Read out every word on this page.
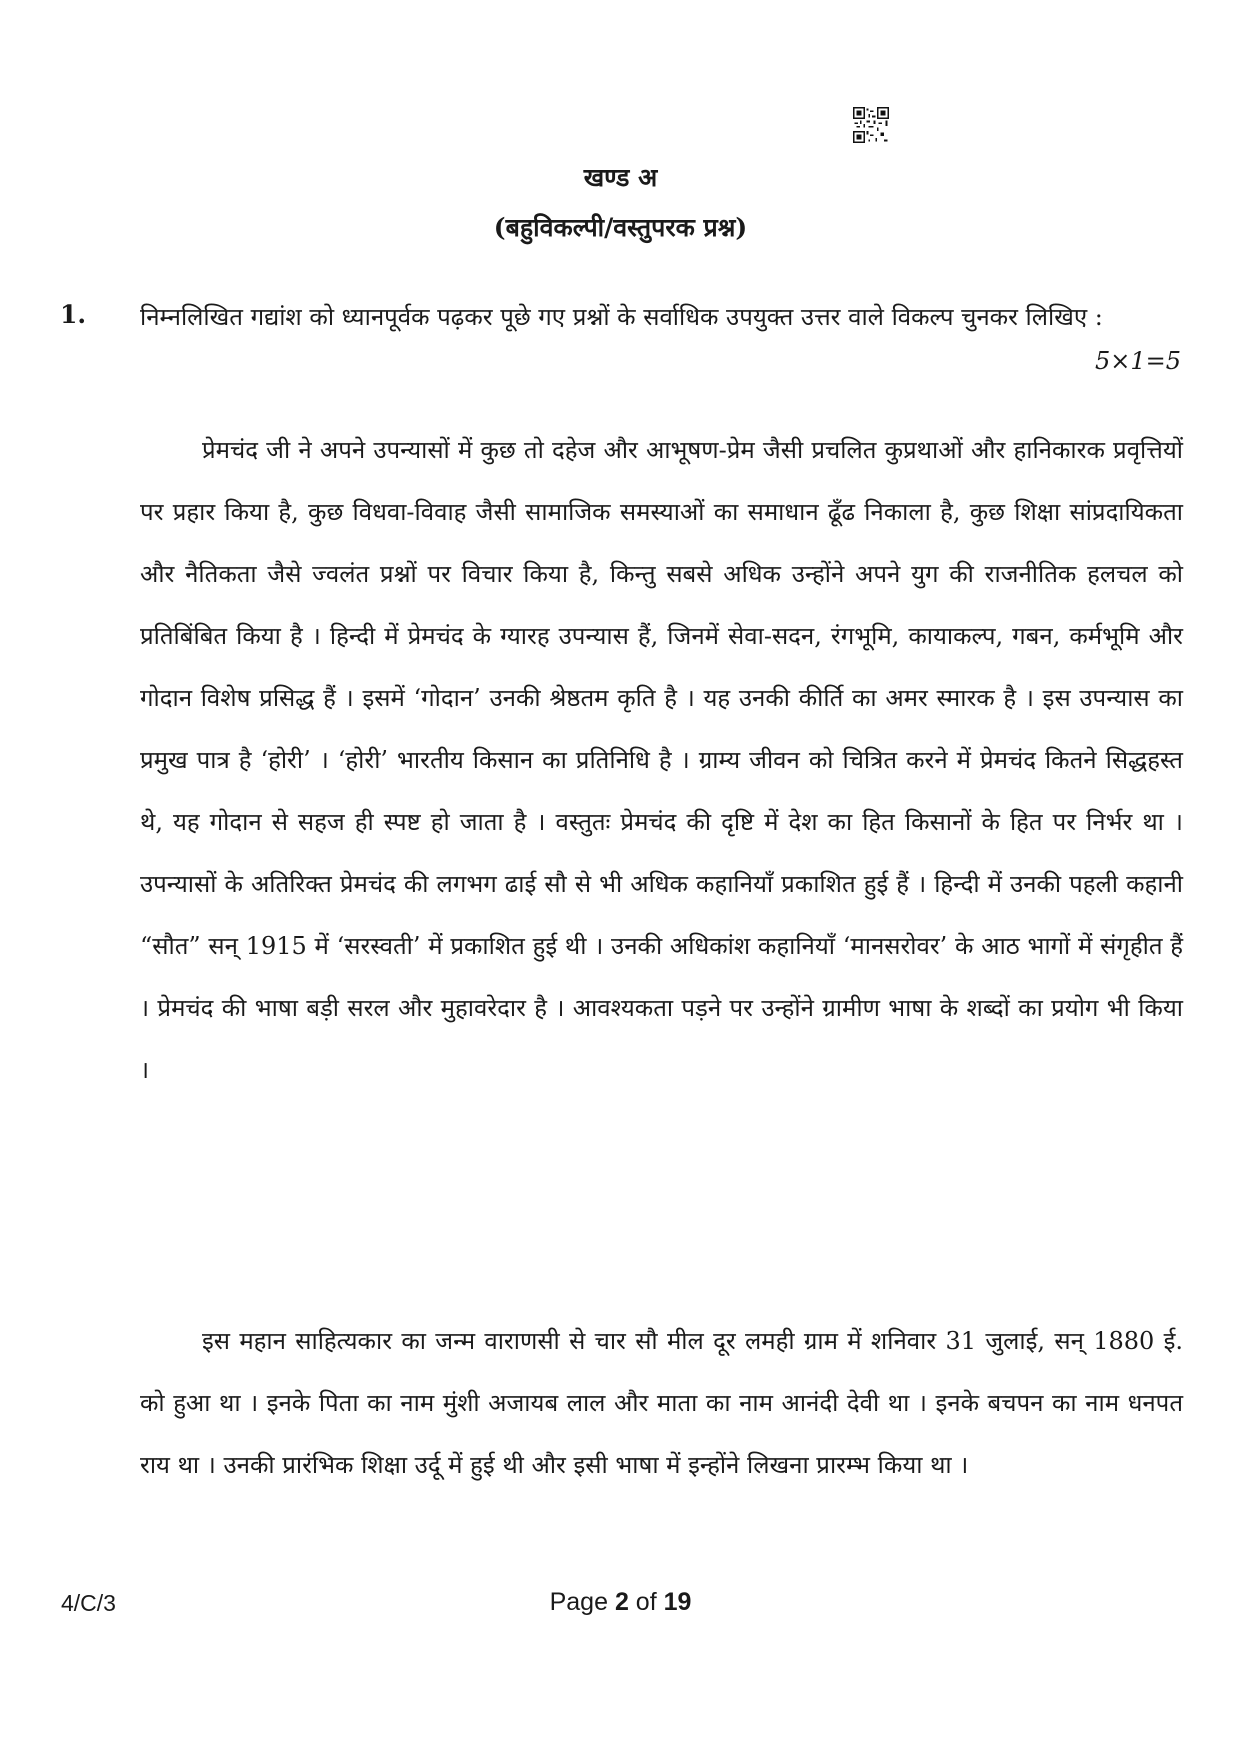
खण्ड अ
(बहुविकल्पी/वस्तुपरक प्रश्न)
1. निम्नलिखित गद्यांश को ध्यानपूर्वक पढ़कर पूछे गए प्रश्नों के सर्वाधिक उपयुक्त उत्तर वाले विकल्प चुनकर लिखिए :
5×1=5

प्रेमचंद जी ने अपने उपन्यासों में कुछ तो दहेज और आभूषण-प्रेम जैसी प्रचलित कुप्रथाओं और हानिकारक प्रवृत्तियों पर प्रहार किया है, कुछ विधवा-विवाह जैसी सामाजिक समस्याओं का समाधान ढूँढ निकाला है, कुछ शिक्षा सांप्रदायिकता और नैतिकता जैसे ज्वलंत प्रश्नों पर विचार किया है, किन्तु सबसे अधिक उन्होंने अपने युग की राजनीतिक हलचल को प्रतिबिंबित किया है । हिन्दी में प्रेमचंद के ग्यारह उपन्यास हैं, जिनमें सेवा-सदन, रंगभूमि, कायाकल्प, गबन, कर्मभूमि और गोदान विशेष प्रसिद्ध हैं । इसमें ‘गोदान’ उनकी श्रेष्ठतम कृति है । यह उनकी कीर्ति का अमर स्मारक है । इस उपन्यास का प्रमुख पात्र है ‘होरी’ । ‘होरी’ भारतीय किसान का प्रतिनिधि है । ग्राम्य जीवन को चित्रित करने में प्रेमचंद कितने सिद्धहस्त थे, यह गोदान से सहज ही स्पष्ट हो जाता है । वस्तुतः प्रेमचंद की दृष्टि में देश का हित किसानों के हित पर निर्भर था । उपन्यासों के अतिरिक्त प्रेमचंद की लगभग ढाई सौ से भी अधिक कहानियाँ प्रकाशित हुई हैं । हिन्दी में उनकी पहली कहानी “सौत” सन् 1915 में ‘सरस्वती’ में प्रकाशित हुई थी । उनकी अधिकांश कहानियाँ ‘मानसरोवर’ के आठ भागों में संगृहीत हैं । प्रेमचंद की भाषा बड़ी सरल और मुहावरेदार है । आवश्यकता पड़ने पर उन्होंने ग्रामीण भाषा के शब्दों का प्रयोग भी किया ।

इस महान साहित्यकार का जन्म वाराणसी से चार सौ मील दूर लमही ग्राम में शनिवार 31 जुलाई, सन् 1880 ई. को हुआ था । इनके पिता का नाम मुंशी अजायब लाल और माता का नाम आनंदी देवी था । इनके बचपन का नाम धनपत राय था । उनकी प्रारंभिक शिक्षा उर्दू में हुई थी और इसी भाषा में इन्होंने लिखना प्रारम्भ किया था ।

4/C/3	Page 2 of 19
